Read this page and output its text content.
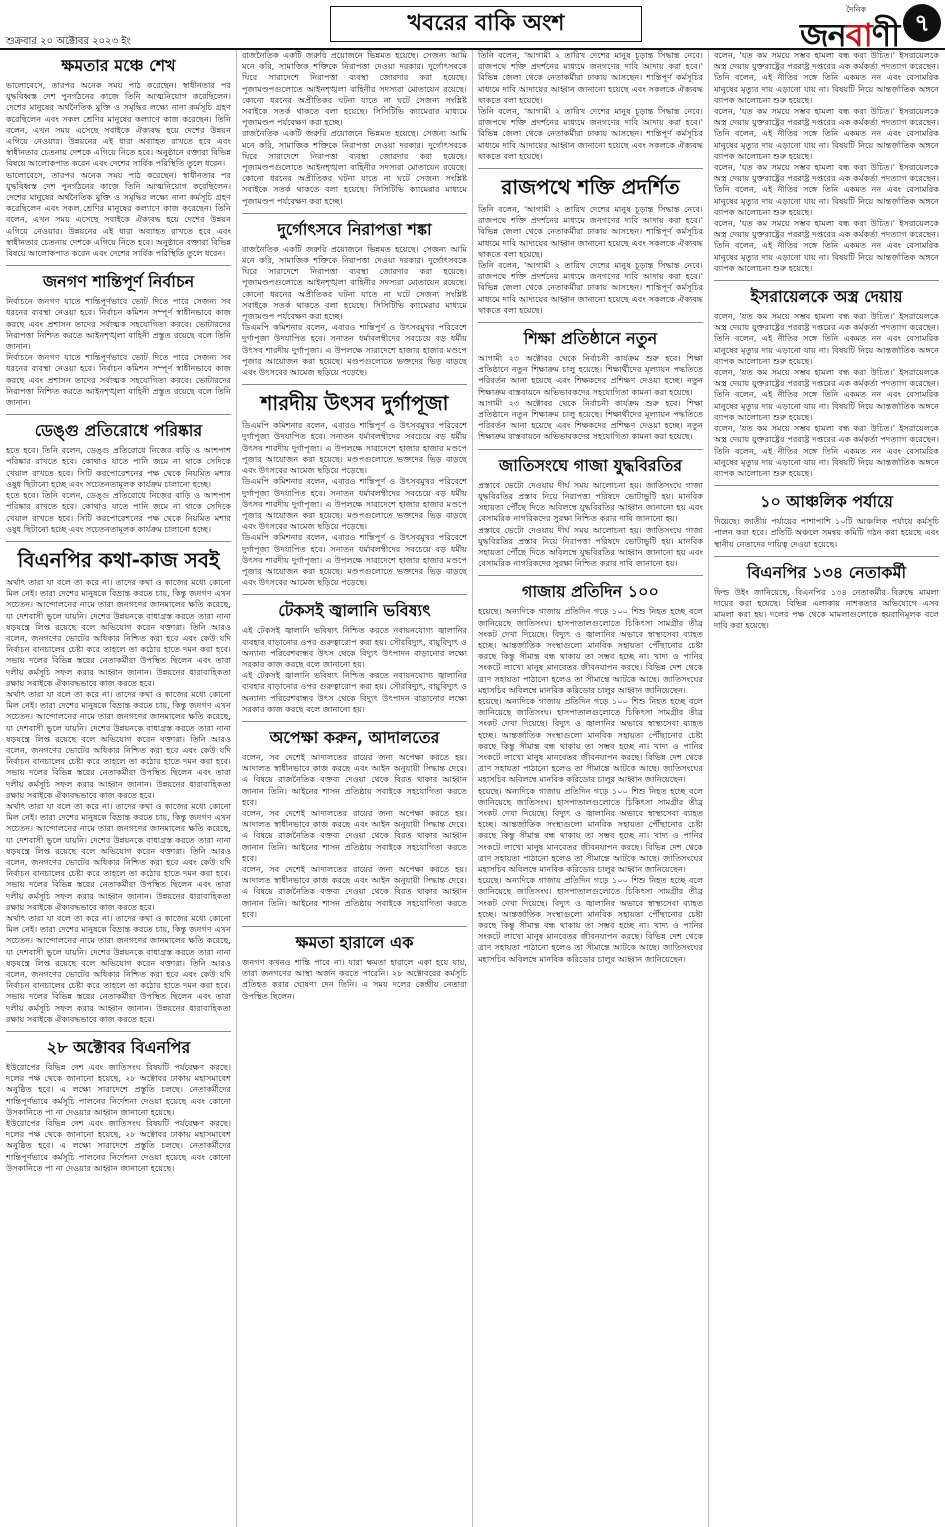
শুক্রবার ২০ অক্টোবর ২০২৩ ইং
খবরের বাকি অংশ
দৈনিক
জনবাণী ৭
ক্ষমতার মঞ্চে শেখ

ভালোবেসে, তারপর অনেক সময় পাঠ করেছেন। স্বাধীনতার পর যুদ্ধবিধ্বস্ত দেশ পুনর্গঠনের কাজে তিনি আত্মনিয়োগ করেছিলেন। দেশের মানুষের অর্থনৈতিক মুক্তি ও সমৃদ্ধির লক্ষ্যে নানা কর্মসূচি গ্রহণ করেছিলেন এবং সকল শ্রেণির মানুষের কল্যাণে কাজ করেছেন। তিনি বলেন, এখন সময় এসেছে সবাইকে ঐক্যবদ্ধ হয়ে দেশের উন্নয়ন এগিয়ে নেওয়ার। উন্নয়নের এই ধারা অব্যাহত রাখতে হবে এবং স্বাধীনতার চেতনায় দেশকে এগিয়ে নিতে হবে। অনুষ্ঠানে বক্তারা বিভিন্ন বিষয়ে আলোকপাত করেন এবং দেশের সার্বিক পরিস্থিতি তুলে ধরেন।

ভালোবেসে, তারপর অনেক সময় পাঠ করেছেন। স্বাধীনতার পর যুদ্ধবিধ্বস্ত দেশ পুনর্গঠনের কাজে তিনি আত্মনিয়োগ করেছিলেন। দেশের মানুষের অর্থনৈতিক মুক্তি ও সমৃদ্ধির লক্ষ্যে নানা কর্মসূচি গ্রহণ করেছিলেন এবং সকল শ্রেণির মানুষের কল্যাণে কাজ করেছেন। তিনি বলেন, এখন সময় এসেছে সবাইকে ঐক্যবদ্ধ হয়ে দেশের উন্নয়ন এগিয়ে নেওয়ার। উন্নয়নের এই ধারা অব্যাহত রাখতে হবে এবং স্বাধীনতার চেতনায় দেশকে এগিয়ে নিতে হবে। অনুষ্ঠানে বক্তারা বিভিন্ন বিষয়ে আলোকপাত করেন এবং দেশের সার্বিক পরিস্থিতি তুলে ধরেন।

জনগণ শান্তিপূর্ণ নির্বাচন

নির্বাচনে জনগণ যাতে শান্তিপূর্ণভাবে ভোট দিতে পারে সেজন্য সব ধরনের ব্যবস্থা নেওয়া হবে। নির্বাচন কমিশন সম্পূর্ণ স্বাধীনভাবে কাজ করছে এবং প্রশাসন তাদের সর্বাত্মক সহযোগিতা করবে। ভোটারদের নিরাপত্তা নিশ্চিত করতে আইনশৃঙ্খলা বাহিনী প্রস্তুত রয়েছে বলে তিনি জানান।

নির্বাচনে জনগণ যাতে শান্তিপূর্ণভাবে ভোট দিতে পারে সেজন্য সব ধরনের ব্যবস্থা নেওয়া হবে। নির্বাচন কমিশন সম্পূর্ণ স্বাধীনভাবে কাজ করছে এবং প্রশাসন তাদের সর্বাত্মক সহযোগিতা করবে। ভোটারদের নিরাপত্তা নিশ্চিত করতে আইনশৃঙ্খলা বাহিনী প্রস্তুত রয়েছে বলে তিনি জানান।

ডেঙ্গু প্রতিরোধে পরিষ্কার

হতে হবে। তিনি বলেন, ডেঙ্গু প্রতিরোধে নিজের বাড়ি ও আশপাশ পরিষ্কার রাখতে হবে। কোথাও যাতে পানি জমে না থাকে সেদিকে খেয়াল রাখতে হবে। সিটি করপোরেশনের পক্ষ থেকে নিয়মিত মশার ওষুধ ছিটানো হচ্ছে এবং সচেতনতামূলক কার্যক্রম চালানো হচ্ছে।

হতে হবে। তিনি বলেন, ডেঙ্গু প্রতিরোধে নিজের বাড়ি ও আশপাশ পরিষ্কার রাখতে হবে। কোথাও যাতে পানি জমে না থাকে সেদিকে খেয়াল রাখতে হবে। সিটি করপোরেশনের পক্ষ থেকে নিয়মিত মশার ওষুধ ছিটানো হচ্ছে এবং সচেতনতামূলক কার্যক্রম চালানো হচ্ছে।

বিএনপির কথা-কাজ সবই

অর্থাৎ তারা যা বলে তা করে না। তাদের কথা ও কাজের মধ্যে কোনো মিল নেই। তারা দেশের মানুষকে বিভ্রান্ত করতে চায়, কিন্তু জনগণ এখন সচেতন। আন্দোলনের নামে তারা জনগণের জানমালের ক্ষতি করেছে, যা দেশবাসী ভুলে যায়নি। দেশের উন্নয়নকে বাধাগ্রস্ত করতে তারা নানা ষড়যন্ত্রে লিপ্ত রয়েছে বলে অভিযোগ করেন বক্তারা। তিনি আরও বলেন, জনগণের ভোটের অধিকার নিশ্চিত করা হবে এবং কেউ যদি নির্বাচন বানচালের চেষ্টা করে তাহলে তা কঠোর হাতে দমন করা হবে। সভায় দলের বিভিন্ন স্তরের নেতাকর্মীরা উপস্থিত ছিলেন এবং তারা দলীয় কর্মসূচি সফল করার আহ্বান জানান। উন্নয়নের ধারাবাহিকতা রক্ষায় সবাইকে ঐক্যবদ্ধভাবে কাজ করতে হবে।

অর্থাৎ তারা যা বলে তা করে না। তাদের কথা ও কাজের মধ্যে কোনো মিল নেই। তারা দেশের মানুষকে বিভ্রান্ত করতে চায়, কিন্তু জনগণ এখন সচেতন। আন্দোলনের নামে তারা জনগণের জানমালের ক্ষতি করেছে, যা দেশবাসী ভুলে যায়নি। দেশের উন্নয়নকে বাধাগ্রস্ত করতে তারা নানা ষড়যন্ত্রে লিপ্ত রয়েছে বলে অভিযোগ করেন বক্তারা। তিনি আরও বলেন, জনগণের ভোটের অধিকার নিশ্চিত করা হবে এবং কেউ যদি নির্বাচন বানচালের চেষ্টা করে তাহলে তা কঠোর হাতে দমন করা হবে। সভায় দলের বিভিন্ন স্তরের নেতাকর্মীরা উপস্থিত ছিলেন এবং তারা দলীয় কর্মসূচি সফল করার আহ্বান জানান। উন্নয়নের ধারাবাহিকতা রক্ষায় সবাইকে ঐক্যবদ্ধভাবে কাজ করতে হবে।

অর্থাৎ তারা যা বলে তা করে না। তাদের কথা ও কাজের মধ্যে কোনো মিল নেই। তারা দেশের মানুষকে বিভ্রান্ত করতে চায়, কিন্তু জনগণ এখন সচেতন। আন্দোলনের নামে তারা জনগণের জানমালের ক্ষতি করেছে, যা দেশবাসী ভুলে যায়নি। দেশের উন্নয়নকে বাধাগ্রস্ত করতে তারা নানা ষড়যন্ত্রে লিপ্ত রয়েছে বলে অভিযোগ করেন বক্তারা। তিনি আরও বলেন, জনগণের ভোটের অধিকার নিশ্চিত করা হবে এবং কেউ যদি নির্বাচন বানচালের চেষ্টা করে তাহলে তা কঠোর হাতে দমন করা হবে। সভায় দলের বিভিন্ন স্তরের নেতাকর্মীরা উপস্থিত ছিলেন এবং তারা দলীয় কর্মসূচি সফল করার আহ্বান জানান। উন্নয়নের ধারাবাহিকতা রক্ষায় সবাইকে ঐক্যবদ্ধভাবে কাজ করতে হবে।

অর্থাৎ তারা যা বলে তা করে না। তাদের কথা ও কাজের মধ্যে কোনো মিল নেই। তারা দেশের মানুষকে বিভ্রান্ত করতে চায়, কিন্তু জনগণ এখন সচেতন। আন্দোলনের নামে তারা জনগণের জানমালের ক্ষতি করেছে, যা দেশবাসী ভুলে যায়নি। দেশের উন্নয়নকে বাধাগ্রস্ত করতে তারা নানা ষড়যন্ত্রে লিপ্ত রয়েছে বলে অভিযোগ করেন বক্তারা। তিনি আরও বলেন, জনগণের ভোটের অধিকার নিশ্চিত করা হবে এবং কেউ যদি নির্বাচন বানচালের চেষ্টা করে তাহলে তা কঠোর হাতে দমন করা হবে। সভায় দলের বিভিন্ন স্তরের নেতাকর্মীরা উপস্থিত ছিলেন এবং তারা দলীয় কর্মসূচি সফল করার আহ্বান জানান। উন্নয়নের ধারাবাহিকতা রক্ষায় সবাইকে ঐক্যবদ্ধভাবে কাজ করতে হবে।

২৮ অক্টোবর বিএনপির

ইউরোপের বিভিন্ন দেশ এবং জাতিসংঘ বিষয়টি পর্যবেক্ষণ করছে। দলের পক্ষ থেকে জানানো হয়েছে, ২৮ অক্টোবর ঢাকায় মহাসমাবেশ অনুষ্ঠিত হবে। এ লক্ষ্যে সারাদেশে প্রস্তুতি চলছে। নেতাকর্মীদের শান্তিপূর্ণভাবে কর্মসূচি পালনের নির্দেশনা দেওয়া হয়েছে এবং কোনো উসকানিতে পা না দেওয়ার আহ্বান জানানো হয়েছে।

ইউরোপের বিভিন্ন দেশ এবং জাতিসংঘ বিষয়টি পর্যবেক্ষণ করছে। দলের পক্ষ থেকে জানানো হয়েছে, ২৮ অক্টোবর ঢাকায় মহাসমাবেশ অনুষ্ঠিত হবে। এ লক্ষ্যে সারাদেশে প্রস্তুতি চলছে। নেতাকর্মীদের শান্তিপূর্ণভাবে কর্মসূচি পালনের নির্দেশনা দেওয়া হয়েছে এবং কোনো উসকানিতে পা না দেওয়ার আহ্বান জানানো হয়েছে।

রাজনৈতিক একটি জরুরি প্রয়োজনে ভিন্নমত হয়েছে। সেজন্য আমি মনে করি, সামাজিক শক্তিকে নিরাপত্তা দেওয়া দরকার। দুর্গোৎসবকে ঘিরে সারাদেশে নিরাপত্তা ব্যবস্থা জোরদার করা হয়েছে। পূজামণ্ডপগুলোতে আইনশৃঙ্খলা বাহিনীর সদস্যরা মোতায়েন রয়েছে। কোনো ধরনের অপ্রীতিকর ঘটনা যাতে না ঘটে সেজন্য সংশ্লিষ্ট সবাইকে সতর্ক থাকতে বলা হয়েছে। সিসিটিভি ক্যামেরার মাধ্যমে পূজামণ্ডপ পর্যবেক্ষণ করা হচ্ছে।

রাজনৈতিক একটি জরুরি প্রয়োজনে ভিন্নমত হয়েছে। সেজন্য আমি মনে করি, সামাজিক শক্তিকে নিরাপত্তা দেওয়া দরকার। দুর্গোৎসবকে ঘিরে সারাদেশে নিরাপত্তা ব্যবস্থা জোরদার করা হয়েছে। পূজামণ্ডপগুলোতে আইনশৃঙ্খলা বাহিনীর সদস্যরা মোতায়েন রয়েছে। কোনো ধরনের অপ্রীতিকর ঘটনা যাতে না ঘটে সেজন্য সংশ্লিষ্ট সবাইকে সতর্ক থাকতে বলা হয়েছে। সিসিটিভি ক্যামেরার মাধ্যমে পূজামণ্ডপ পর্যবেক্ষণ করা হচ্ছে।

দুর্গোৎসবে নিরাপত্তা শঙ্কা

রাজনৈতিক একটি জরুরি প্রয়োজনে ভিন্নমত হয়েছে। সেজন্য আমি মনে করি, সামাজিক শক্তিকে নিরাপত্তা দেওয়া দরকার। দুর্গোৎসবকে ঘিরে সারাদেশে নিরাপত্তা ব্যবস্থা জোরদার করা হয়েছে। পূজামণ্ডপগুলোতে আইনশৃঙ্খলা বাহিনীর সদস্যরা মোতায়েন রয়েছে। কোনো ধরনের অপ্রীতিকর ঘটনা যাতে না ঘটে সেজন্য সংশ্লিষ্ট সবাইকে সতর্ক থাকতে বলা হয়েছে। সিসিটিভি ক্যামেরার মাধ্যমে পূজামণ্ডপ পর্যবেক্ষণ করা হচ্ছে।

ডিএমপি কমিশনার বলেন, এবারও শান্তিপূর্ণ ও উৎসবমুখর পরিবেশে দুর্গাপূজা উদযাপিত হবে। সনাতন ধর্মাবলম্বীদের সবচেয়ে বড় ধর্মীয় উৎসব শারদীয় দুর্গাপূজা। এ উপলক্ষে সারাদেশে হাজার হাজার মণ্ডপে পূজার আয়োজন করা হয়েছে। মণ্ডপগুলোতে ভক্তদের ভিড় বাড়ছে এবং উৎসবের আমেজ ছড়িয়ে পড়েছে।

শারদীয় উৎসব দুর্গাপূজা

ডিএমপি কমিশনার বলেন, এবারও শান্তিপূর্ণ ও উৎসবমুখর পরিবেশে দুর্গাপূজা উদযাপিত হবে। সনাতন ধর্মাবলম্বীদের সবচেয়ে বড় ধর্মীয় উৎসব শারদীয় দুর্গাপূজা। এ উপলক্ষে সারাদেশে হাজার হাজার মণ্ডপে পূজার আয়োজন করা হয়েছে। মণ্ডপগুলোতে ভক্তদের ভিড় বাড়ছে এবং উৎসবের আমেজ ছড়িয়ে পড়েছে।

ডিএমপি কমিশনার বলেন, এবারও শান্তিপূর্ণ ও উৎসবমুখর পরিবেশে দুর্গাপূজা উদযাপিত হবে। সনাতন ধর্মাবলম্বীদের সবচেয়ে বড় ধর্মীয় উৎসব শারদীয় দুর্গাপূজা। এ উপলক্ষে সারাদেশে হাজার হাজার মণ্ডপে পূজার আয়োজন করা হয়েছে। মণ্ডপগুলোতে ভক্তদের ভিড় বাড়ছে এবং উৎসবের আমেজ ছড়িয়ে পড়েছে।

ডিএমপি কমিশনার বলেন, এবারও শান্তিপূর্ণ ও উৎসবমুখর পরিবেশে দুর্গাপূজা উদযাপিত হবে। সনাতন ধর্মাবলম্বীদের সবচেয়ে বড় ধর্মীয় উৎসব শারদীয় দুর্গাপূজা। এ উপলক্ষে সারাদেশে হাজার হাজার মণ্ডপে পূজার আয়োজন করা হয়েছে। মণ্ডপগুলোতে ভক্তদের ভিড় বাড়ছে এবং উৎসবের আমেজ ছড়িয়ে পড়েছে।

টেকসই জ্বালানি ভবিষ্যৎ

এই টেকসই জ্বালানি ভবিষ্যৎ নিশ্চিত করতে নবায়নযোগ্য জ্বালানির ব্যবহার বাড়ানোর ওপর গুরুত্বারোপ করা হয়। সৌরবিদ্যুৎ, বায়ুবিদ্যুৎ ও অন্যান্য পরিবেশবান্ধব উৎস থেকে বিদ্যুৎ উৎপাদন বাড়ানোর লক্ষ্যে সরকার কাজ করছে বলে জানানো হয়।

এই টেকসই জ্বালানি ভবিষ্যৎ নিশ্চিত করতে নবায়নযোগ্য জ্বালানির ব্যবহার বাড়ানোর ওপর গুরুত্বারোপ করা হয়। সৌরবিদ্যুৎ, বায়ুবিদ্যুৎ ও অন্যান্য পরিবেশবান্ধব উৎস থেকে বিদ্যুৎ উৎপাদন বাড়ানোর লক্ষ্যে সরকার কাজ করছে বলে জানানো হয়।

অপেক্ষা করুন, আদালতের

বলেন, সব দেশেই আদালতের রায়ের জন্য অপেক্ষা করতে হয়। আদালত স্বাধীনভাবে কাজ করছে এবং আইন অনুযায়ী সিদ্ধান্ত দেবে। এ বিষয়ে রাজনৈতিক বক্তব্য দেওয়া থেকে বিরত থাকার আহ্বান জানান তিনি। আইনের শাসন প্রতিষ্ঠায় সবাইকে সহযোগিতা করতে হবে।

বলেন, সব দেশেই আদালতের রায়ের জন্য অপেক্ষা করতে হয়। আদালত স্বাধীনভাবে কাজ করছে এবং আইন অনুযায়ী সিদ্ধান্ত দেবে। এ বিষয়ে রাজনৈতিক বক্তব্য দেওয়া থেকে বিরত থাকার আহ্বান জানান তিনি। আইনের শাসন প্রতিষ্ঠায় সবাইকে সহযোগিতা করতে হবে।

বলেন, সব দেশেই আদালতের রায়ের জন্য অপেক্ষা করতে হয়। আদালত স্বাধীনভাবে কাজ করছে এবং আইন অনুযায়ী সিদ্ধান্ত দেবে। এ বিষয়ে রাজনৈতিক বক্তব্য দেওয়া থেকে বিরত থাকার আহ্বান জানান তিনি। আইনের শাসন প্রতিষ্ঠায় সবাইকে সহযোগিতা করতে হবে।

ক্ষমতা হারালে এক

জনগণ কখনও শান্তি পাবে না। যারা ক্ষমতা হারালে একা হয়ে যায়, তারা জনগণের আস্থা অর্জন করতে পারেনি। ২৮ অক্টোবরের কর্মসূচি প্রতিহত করার ঘোষণা দেন তিনি। এ সময় দলের কেন্দ্রীয় নেতারা উপস্থিত ছিলেন।

তিনি বলেন, 'আগামী ২ তারিখ দেশের মানুষ চূড়ান্ত সিদ্ধান্ত নেবে। রাজপথে শক্তি প্রদর্শনের মাধ্যমে জনগণের দাবি আদায় করা হবে।' বিভিন্ন জেলা থেকে নেতাকর্মীরা ঢাকায় আসছেন। শান্তিপূর্ণ কর্মসূচির মাধ্যমে দাবি আদায়ের আহ্বান জানানো হয়েছে এবং সকলকে ঐক্যবদ্ধ থাকতে বলা হয়েছে।

তিনি বলেন, 'আগামী ২ তারিখ দেশের মানুষ চূড়ান্ত সিদ্ধান্ত নেবে। রাজপথে শক্তি প্রদর্শনের মাধ্যমে জনগণের দাবি আদায় করা হবে।' বিভিন্ন জেলা থেকে নেতাকর্মীরা ঢাকায় আসছেন। শান্তিপূর্ণ কর্মসূচির মাধ্যমে দাবি আদায়ের আহ্বান জানানো হয়েছে এবং সকলকে ঐক্যবদ্ধ থাকতে বলা হয়েছে।

রাজপথে শক্তি প্রদর্শিত

তিনি বলেন, 'আগামী ২ তারিখ দেশের মানুষ চূড়ান্ত সিদ্ধান্ত নেবে। রাজপথে শক্তি প্রদর্শনের মাধ্যমে জনগণের দাবি আদায় করা হবে।' বিভিন্ন জেলা থেকে নেতাকর্মীরা ঢাকায় আসছেন। শান্তিপূর্ণ কর্মসূচির মাধ্যমে দাবি আদায়ের আহ্বান জানানো হয়েছে এবং সকলকে ঐক্যবদ্ধ থাকতে বলা হয়েছে।

তিনি বলেন, 'আগামী ২ তারিখ দেশের মানুষ চূড়ান্ত সিদ্ধান্ত নেবে। রাজপথে শক্তি প্রদর্শনের মাধ্যমে জনগণের দাবি আদায় করা হবে।' বিভিন্ন জেলা থেকে নেতাকর্মীরা ঢাকায় আসছেন। শান্তিপূর্ণ কর্মসূচির মাধ্যমে দাবি আদায়ের আহ্বান জানানো হয়েছে এবং সকলকে ঐক্যবদ্ধ থাকতে বলা হয়েছে।

শিক্ষা প্রতিষ্ঠানে নতুন

আগামী ২৩ অক্টোবর থেকে নির্বাচনী কার্যক্রম শুরু হবে। শিক্ষা প্রতিষ্ঠানে নতুন শিক্ষাক্রম চালু হয়েছে। শিক্ষার্থীদের মূল্যায়ন পদ্ধতিতে পরিবর্তন আনা হয়েছে এবং শিক্ষকদের প্রশিক্ষণ দেওয়া হচ্ছে। নতুন শিক্ষাক্রম বাস্তবায়নে অভিভাবকদের সহযোগিতা কামনা করা হয়েছে।

আগামী ২৩ অক্টোবর থেকে নির্বাচনী কার্যক্রম শুরু হবে। শিক্ষা প্রতিষ্ঠানে নতুন শিক্ষাক্রম চালু হয়েছে। শিক্ষার্থীদের মূল্যায়ন পদ্ধতিতে পরিবর্তন আনা হয়েছে এবং শিক্ষকদের প্রশিক্ষণ দেওয়া হচ্ছে। নতুন শিক্ষাক্রম বাস্তবায়নে অভিভাবকদের সহযোগিতা কামনা করা হয়েছে।

জাতিসংঘে গাজা যুদ্ধবিরতির

প্রস্তাবে ভেটো দেওয়ায় দীর্ঘ সময় আলোচনা হয়। জাতিসংঘে গাজা যুদ্ধবিরতির প্রস্তাব নিয়ে নিরাপত্তা পরিষদে ভোটাভুটি হয়। মানবিক সহায়তা পৌঁছে দিতে অবিলম্বে যুদ্ধবিরতির আহ্বান জানানো হয় এবং বেসামরিক নাগরিকদের সুরক্ষা নিশ্চিত করার দাবি জানানো হয়।

প্রস্তাবে ভেটো দেওয়ায় দীর্ঘ সময় আলোচনা হয়। জাতিসংঘে গাজা যুদ্ধবিরতির প্রস্তাব নিয়ে নিরাপত্তা পরিষদে ভোটাভুটি হয়। মানবিক সহায়তা পৌঁছে দিতে অবিলম্বে যুদ্ধবিরতির আহ্বান জানানো হয় এবং বেসামরিক নাগরিকদের সুরক্ষা নিশ্চিত করার দাবি জানানো হয়।

গাজায় প্রতিদিন ১০০

হয়েছে। অন্যদিকে গাজায় প্রতিদিন গড়ে ১০০ শিশু নিহত হচ্ছে বলে জানিয়েছে জাতিসংঘ। হাসপাতালগুলোতে চিকিৎসা সামগ্রীর তীব্র সংকট দেখা দিয়েছে। বিদ্যুৎ ও জ্বালানির অভাবে স্বাস্থ্যসেবা ব্যাহত হচ্ছে। আন্তর্জাতিক সংস্থাগুলো মানবিক সহায়তা পৌঁছানোর চেষ্টা করছে কিন্তু সীমান্ত বন্ধ থাকায় তা সম্ভব হচ্ছে না। খাদ্য ও পানির সংকটে লাখো মানুষ মানবেতর জীবনযাপন করছে। বিভিন্ন দেশ থেকে ত্রাণ সহায়তা পাঠানো হলেও তা সীমান্তে আটকে আছে। জাতিসংঘের মহাসচিব অবিলম্বে মানবিক করিডোর চালুর আহ্বান জানিয়েছেন।

হয়েছে। অন্যদিকে গাজায় প্রতিদিন গড়ে ১০০ শিশু নিহত হচ্ছে বলে জানিয়েছে জাতিসংঘ। হাসপাতালগুলোতে চিকিৎসা সামগ্রীর তীব্র সংকট দেখা দিয়েছে। বিদ্যুৎ ও জ্বালানির অভাবে স্বাস্থ্যসেবা ব্যাহত হচ্ছে। আন্তর্জাতিক সংস্থাগুলো মানবিক সহায়তা পৌঁছানোর চেষ্টা করছে কিন্তু সীমান্ত বন্ধ থাকায় তা সম্ভব হচ্ছে না। খাদ্য ও পানির সংকটে লাখো মানুষ মানবেতর জীবনযাপন করছে। বিভিন্ন দেশ থেকে ত্রাণ সহায়তা পাঠানো হলেও তা সীমান্তে আটকে আছে। জাতিসংঘের মহাসচিব অবিলম্বে মানবিক করিডোর চালুর আহ্বান জানিয়েছেন।

হয়েছে। অন্যদিকে গাজায় প্রতিদিন গড়ে ১০০ শিশু নিহত হচ্ছে বলে জানিয়েছে জাতিসংঘ। হাসপাতালগুলোতে চিকিৎসা সামগ্রীর তীব্র সংকট দেখা দিয়েছে। বিদ্যুৎ ও জ্বালানির অভাবে স্বাস্থ্যসেবা ব্যাহত হচ্ছে। আন্তর্জাতিক সংস্থাগুলো মানবিক সহায়তা পৌঁছানোর চেষ্টা করছে কিন্তু সীমান্ত বন্ধ থাকায় তা সম্ভব হচ্ছে না। খাদ্য ও পানির সংকটে লাখো মানুষ মানবেতর জীবনযাপন করছে। বিভিন্ন দেশ থেকে ত্রাণ সহায়তা পাঠানো হলেও তা সীমান্তে আটকে আছে। জাতিসংঘের মহাসচিব অবিলম্বে মানবিক করিডোর চালুর আহ্বান জানিয়েছেন।

হয়েছে। অন্যদিকে গাজায় প্রতিদিন গড়ে ১০০ শিশু নিহত হচ্ছে বলে জানিয়েছে জাতিসংঘ। হাসপাতালগুলোতে চিকিৎসা সামগ্রীর তীব্র সংকট দেখা দিয়েছে। বিদ্যুৎ ও জ্বালানির অভাবে স্বাস্থ্যসেবা ব্যাহত হচ্ছে। আন্তর্জাতিক সংস্থাগুলো মানবিক সহায়তা পৌঁছানোর চেষ্টা করছে কিন্তু সীমান্ত বন্ধ থাকায় তা সম্ভব হচ্ছে না। খাদ্য ও পানির সংকটে লাখো মানুষ মানবেতর জীবনযাপন করছে। বিভিন্ন দেশ থেকে ত্রাণ সহায়তা পাঠানো হলেও তা সীমান্তে আটকে আছে। জাতিসংঘের মহাসচিব অবিলম্বে মানবিক করিডোর চালুর আহ্বান জানিয়েছেন।

বলেন, 'যত কম সময়ে সম্ভব হামলা বন্ধ করা উচিত।' ইসরায়েলকে অস্ত্র দেয়ায় যুক্তরাষ্ট্রের পররাষ্ট্র দপ্তরের এক কর্মকর্তা পদত্যাগ করেছেন। তিনি বলেন, এই নীতির সঙ্গে তিনি একমত নন এবং বেসামরিক মানুষের মৃত্যুর দায় এড়ানো যায় না। বিষয়টি নিয়ে আন্তর্জাতিক অঙ্গনে ব্যাপক আলোচনা শুরু হয়েছে।

বলেন, 'যত কম সময়ে সম্ভব হামলা বন্ধ করা উচিত।' ইসরায়েলকে অস্ত্র দেয়ায় যুক্তরাষ্ট্রের পররাষ্ট্র দপ্তরের এক কর্মকর্তা পদত্যাগ করেছেন। তিনি বলেন, এই নীতির সঙ্গে তিনি একমত নন এবং বেসামরিক মানুষের মৃত্যুর দায় এড়ানো যায় না। বিষয়টি নিয়ে আন্তর্জাতিক অঙ্গনে ব্যাপক আলোচনা শুরু হয়েছে।

বলেন, 'যত কম সময়ে সম্ভব হামলা বন্ধ করা উচিত।' ইসরায়েলকে অস্ত্র দেয়ায় যুক্তরাষ্ট্রের পররাষ্ট্র দপ্তরের এক কর্মকর্তা পদত্যাগ করেছেন। তিনি বলেন, এই নীতির সঙ্গে তিনি একমত নন এবং বেসামরিক মানুষের মৃত্যুর দায় এড়ানো যায় না। বিষয়টি নিয়ে আন্তর্জাতিক অঙ্গনে ব্যাপক আলোচনা শুরু হয়েছে।

বলেন, 'যত কম সময়ে সম্ভব হামলা বন্ধ করা উচিত।' ইসরায়েলকে অস্ত্র দেয়ায় যুক্তরাষ্ট্রের পররাষ্ট্র দপ্তরের এক কর্মকর্তা পদত্যাগ করেছেন। তিনি বলেন, এই নীতির সঙ্গে তিনি একমত নন এবং বেসামরিক মানুষের মৃত্যুর দায় এড়ানো যায় না। বিষয়টি নিয়ে আন্তর্জাতিক অঙ্গনে ব্যাপক আলোচনা শুরু হয়েছে।

ইসরায়েলকে অস্ত্র দেয়ায়

বলেন, 'যত কম সময়ে সম্ভব হামলা বন্ধ করা উচিত।' ইসরায়েলকে অস্ত্র দেয়ায় যুক্তরাষ্ট্রের পররাষ্ট্র দপ্তরের এক কর্মকর্তা পদত্যাগ করেছেন। তিনি বলেন, এই নীতির সঙ্গে তিনি একমত নন এবং বেসামরিক মানুষের মৃত্যুর দায় এড়ানো যায় না। বিষয়টি নিয়ে আন্তর্জাতিক অঙ্গনে ব্যাপক আলোচনা শুরু হয়েছে।

বলেন, 'যত কম সময়ে সম্ভব হামলা বন্ধ করা উচিত।' ইসরায়েলকে অস্ত্র দেয়ায় যুক্তরাষ্ট্রের পররাষ্ট্র দপ্তরের এক কর্মকর্তা পদত্যাগ করেছেন। তিনি বলেন, এই নীতির সঙ্গে তিনি একমত নন এবং বেসামরিক মানুষের মৃত্যুর দায় এড়ানো যায় না। বিষয়টি নিয়ে আন্তর্জাতিক অঙ্গনে ব্যাপক আলোচনা শুরু হয়েছে।

বলেন, 'যত কম সময়ে সম্ভব হামলা বন্ধ করা উচিত।' ইসরায়েলকে অস্ত্র দেয়ায় যুক্তরাষ্ট্রের পররাষ্ট্র দপ্তরের এক কর্মকর্তা পদত্যাগ করেছেন। তিনি বলেন, এই নীতির সঙ্গে তিনি একমত নন এবং বেসামরিক মানুষের মৃত্যুর দায় এড়ানো যায় না। বিষয়টি নিয়ে আন্তর্জাতিক অঙ্গনে ব্যাপক আলোচনা শুরু হয়েছে।

১০ আঞ্চলিক পর্যায়ে

দিয়েছে। জাতীয় পর্যায়ের পাশাপাশি ১০টি আঞ্চলিক পর্যায়ে কর্মসূচি পালন করা হবে। প্রতিটি অঞ্চলে সমন্বয় কমিটি গঠন করা হয়েছে এবং স্থানীয় নেতাদের দায়িত্ব দেওয়া হয়েছে।

বিএনপির ১৩৪ নেতাকর্মী

ফিল্ড উইং জানিয়েছে, বিএনপির ১৩৪ নেতাকর্মীর বিরুদ্ধে মামলা দায়ের করা হয়েছে। বিভিন্ন এলাকায় নাশকতার অভিযোগে এসব মামলা করা হয়। দলের পক্ষ থেকে মামলাগুলোকে হয়রানিমূলক বলে দাবি করা হয়েছে।
